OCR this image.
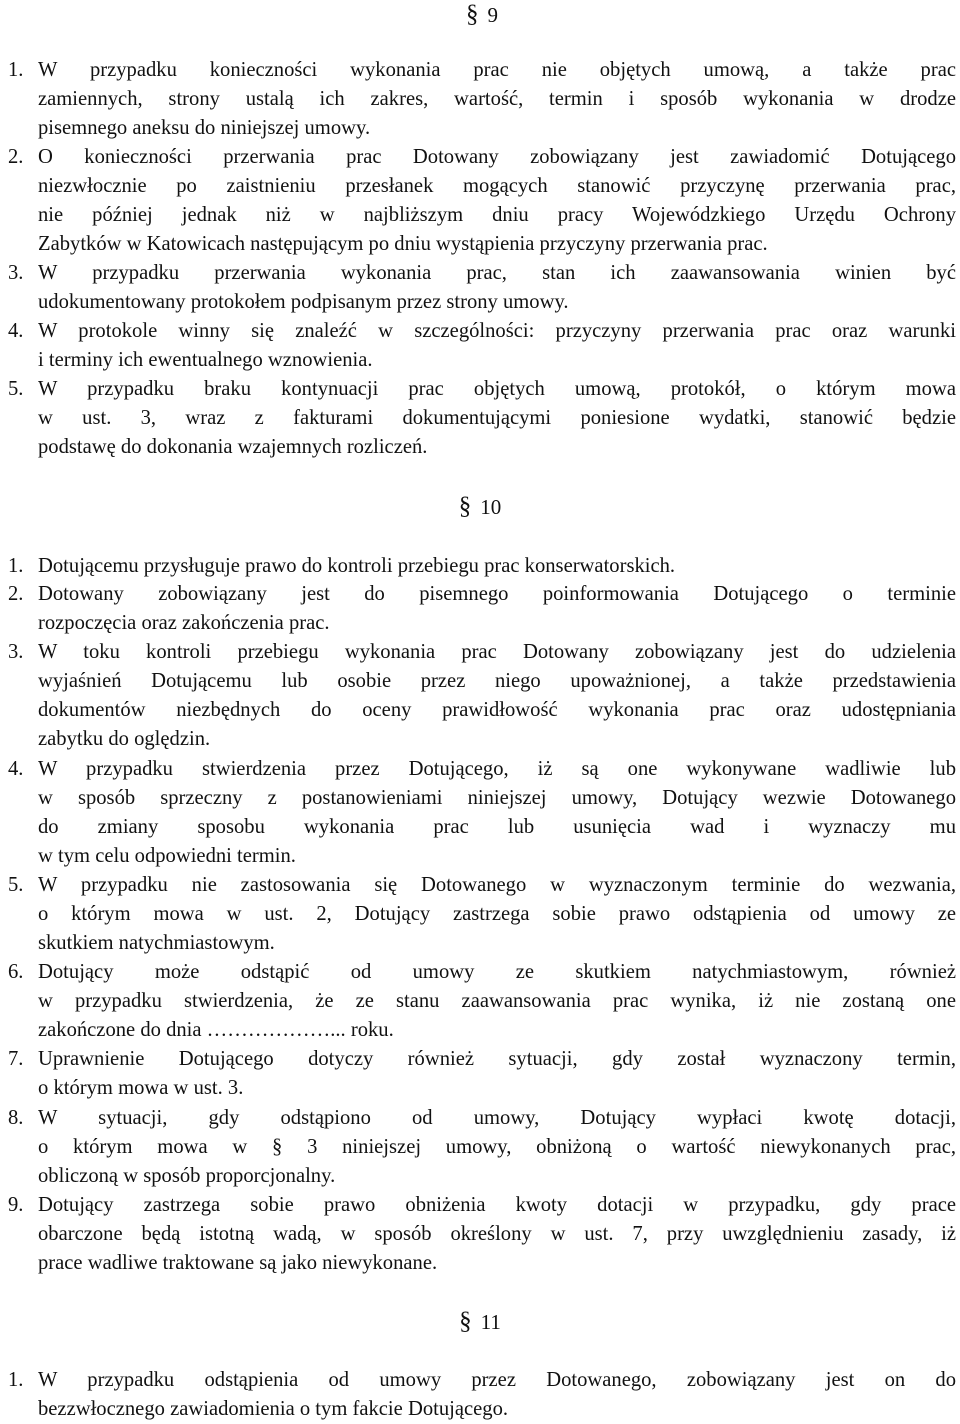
§ 9
1. W przypadku konieczności wykonania prac nie objętych umową, a także prac
zamiennych, strony ustalą ich zakres, wartość, termin i sposób wykonania w drodze
pisemnego aneksu do niniejszej umowy.
2. O konieczności przerwania prac Dotowany zobowiązany jest zawiadomić Dotującego
niezwłocznie po zaistnieniu przesłanek mogących stanowić przyczynę przerwania prac,
nie później jednak niż w najbliższym dniu pracy Wojewódzkiego Urzędu Ochrony
Zabytków w Katowicach następującym po dniu wystąpienia przyczyny przerwania prac.
3. W przypadku przerwania wykonania prac, stan ich zaawansowania winien być
udokumentowany protokołem podpisanym przez strony umowy.
4. W protokole winny się znaleźć w szczególności: przyczyny przerwania prac oraz warunki
i terminy ich ewentualnego wznowienia.
5. W przypadku braku kontynuacji prac objętych umową, protokół, o którym mowa
w ust. 3, wraz z fakturami dokumentującymi poniesione wydatki, stanowić będzie
podstawę do dokonania wzajemnych rozliczeń.
§ 10
1. Dotującemu przysługuje prawo do kontroli przebiegu prac konserwatorskich.
2. Dotowany zobowiązany jest do pisemnego poinformowania Dotującego o terminie
rozpoczęcia oraz zakończenia prac.
3. W toku kontroli przebiegu wykonania prac Dotowany zobowiązany jest do udzielenia
wyjaśnień Dotującemu lub osobie przez niego upoważnionej, a także przedstawienia
dokumentów niezbędnych do oceny prawidłowość wykonania prac oraz udostępniania
zabytku do oględzin.
4. W przypadku stwierdzenia przez Dotującego, iż są one wykonywane wadliwie lub
w sposób sprzeczny z postanowieniami niniejszej umowy, Dotujący wezwie Dotowanego
do zmiany sposobu wykonania prac lub usunięcia wad i wyznaczy mu
w tym celu odpowiedni termin.
5. W przypadku nie zastosowania się Dotowanego w wyznaczonym terminie do wezwania,
o którym mowa w ust. 2, Dotujący zastrzega sobie prawo odstąpienia od umowy ze
skutkiem natychmiastowym.
6. Dotujący może odstąpić od umowy ze skutkiem natychmiastowym, również
w przypadku stwierdzenia, że ze stanu zaawansowania prac wynika, iż nie zostaną one
zakończone do dnia ………………... roku.
7. Uprawnienie Dotującego dotyczy również sytuacji, gdy został wyznaczony termin,
o którym mowa w ust. 3.
8. W sytuacji, gdy odstąpiono od umowy, Dotujący wypłaci kwotę dotacji,
o którym mowa w § 3 niniejszej umowy, obniżoną o wartość niewykonanych prac,
obliczoną w sposób proporcjonalny.
9. Dotujący zastrzega sobie prawo obniżenia kwoty dotacji w przypadku, gdy prace
obarczone będą istotną wadą, w sposób określony w ust. 7, przy uwzględnieniu zasady, iż
prace wadliwe traktowane są jako niewykonane.
§ 11
1. W przypadku odstąpienia od umowy przez Dotowanego, zobowiązany jest on do
bezzwłocznego zawiadomienia o tym fakcie Dotującego.
